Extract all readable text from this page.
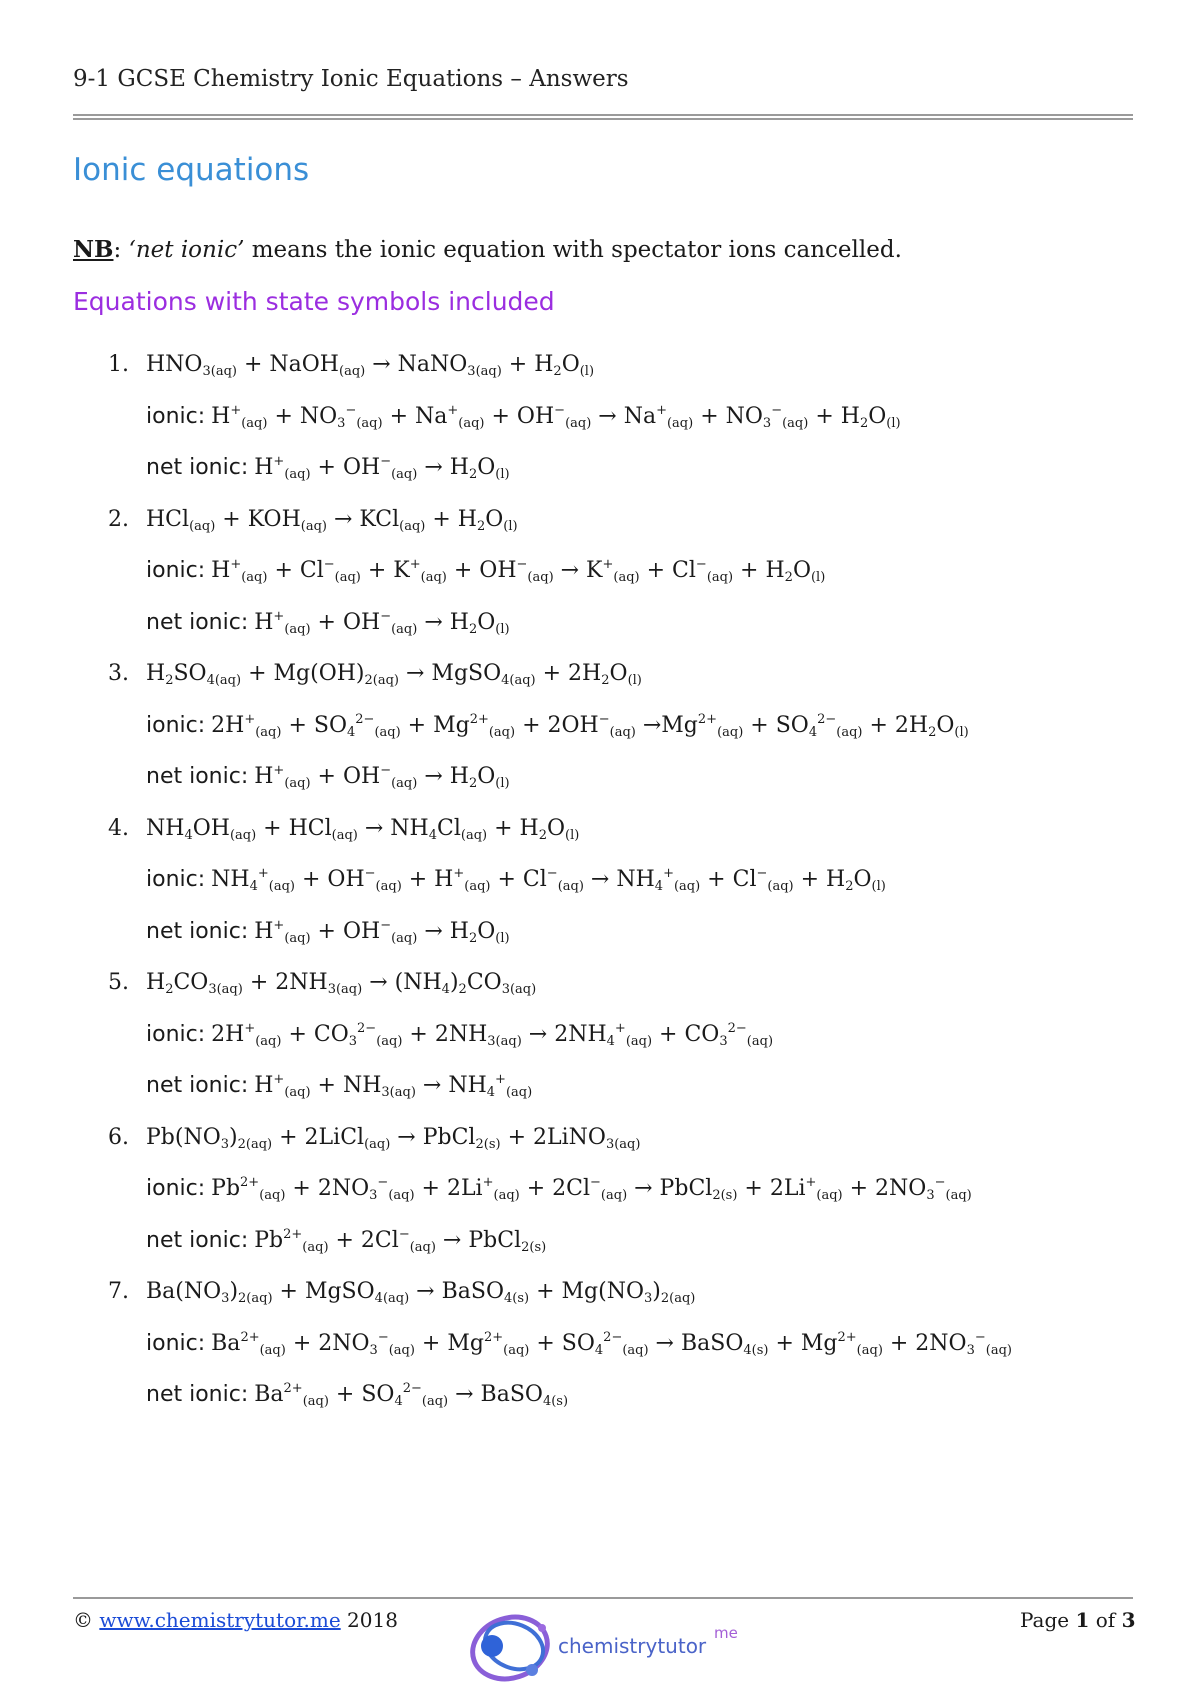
9-1 GCSE Chemistry Ionic Equations – Answers
Ionic equations
NB: ‘net ionic’ means the ionic equation with spectator ions cancelled.
Equations with state symbols included
1. $HNO_{3(aq)}$ + NaOH$_{(aq)}$ → NaNO$_{3(aq)}$ + $H_2O_{(l)}$
ionic: $H^+_{(aq)} + NO_3^-_{(aq)} + Na^+_{(aq)} + OH^-_{(aq)} \to Na^+_{(aq)} + NO_3^-_{(aq)} + H_2O_{(l)}$
net ionic: $H^+_{(aq)} + OH^-_{(aq)} \to H_2O_{(l)}$
2. $HCl_{(aq)} + KOH_{(aq)} \to KCl_{(aq)} + H_2O_{(l)}$
ionic: $H^+_{(aq)} + Cl^-_{(aq)} + K^+_{(aq)} + OH^-_{(aq)} \to K^+_{(aq)} + Cl^-_{(aq)} + H_2O_{(l)}$
net ionic: $H^+_{(aq)} + OH^-_{(aq)} \to H_2O_{(l)}$
3. $H_2SO_{4(aq)} + Mg(OH)_{2(aq)}$ → MgSO$_{4(aq)}$ + $2H_2O_{(l)}$
ionic: $2H^+_{(aq)} + SO_4^{2-}_{(aq)} + Mg^{2+}_{(aq)} + 2OH^-_{(aq)} \to Mg^{2+}_{(aq)} + SO_4^{2-}_{(aq)} + 2H_2O_{(l)}$
net ionic: $H^+_{(aq)} + OH^-_{(aq)} \to H_2O_{(l)}$
4. $NH_4OH_{(aq)} + HCl_{(aq)} \to NH_4Cl_{(aq)} + H_2O_{(l)}$
ionic: $NH_4^+_{(aq)} + OH^-_{(aq)} + H^+_{(aq)} + Cl^-_{(aq)} \to NH_4^+_{(aq)} + Cl^-_{(aq)} + H_2O_{(l)}$
net ionic: $H^+_{(aq)} + OH^-_{(aq)} \to H_2O_{(l)}$
5. $H_2CO_{3(aq)} + 2NH_{3(aq)} \to (NH_4)_2CO_{3(aq)}$
ionic: $2H^+_{(aq)} + CO_3^{2-}_{(aq)} + 2NH_{3(aq)} \to 2NH_4^+_{(aq)} + CO_3^{2-}_{(aq)}$
net ionic: $H^+_{(aq)} + NH_{3(aq)} \to NH_4^+_{(aq)}$
6. $Pb(NO_3)_{2(aq)}$ + 2LiCl$_{(aq)}$ → PbCl$_{2(s)}$ + 2LiNO$_{3(aq)}$
ionic: $Pb^{2+}_{(aq)} + 2NO_3^-_{(aq)} + 2Li^+_{(aq)} + 2Cl^-_{(aq)}$ → PbCl$_{2(s)}$ + $2Li^+_{(aq)} + 2NO_3^-_{(aq)}$
net ionic: $Pb^{2+}_{(aq)} + 2Cl^-_{(aq)}$ → PbCl$_{2(s)}$
7. $Ba(NO_3)_{2(aq)}$ + MgSO$_{4(aq)}$ → BaSO$_{4(s)}$ + $Mg(NO_3)_{2(aq)}$
ionic: $Ba^{2+}_{(aq)} + 2NO_3^-_{(aq)} + Mg^{2+}_{(aq)} + SO_4^{2-}_{(aq)}$ → BaSO$_{4(s)}$ + $Mg^{2+}_{(aq)} + 2NO_3^-_{(aq)}$
net ionic: $Ba^{2+}_{(aq)} + SO_4^{2-}_{(aq)}$ → BaSO$_{4(s)}$
© www.chemistrytutor.me 2018
chemistrytutor
me
Page 1 of 3
